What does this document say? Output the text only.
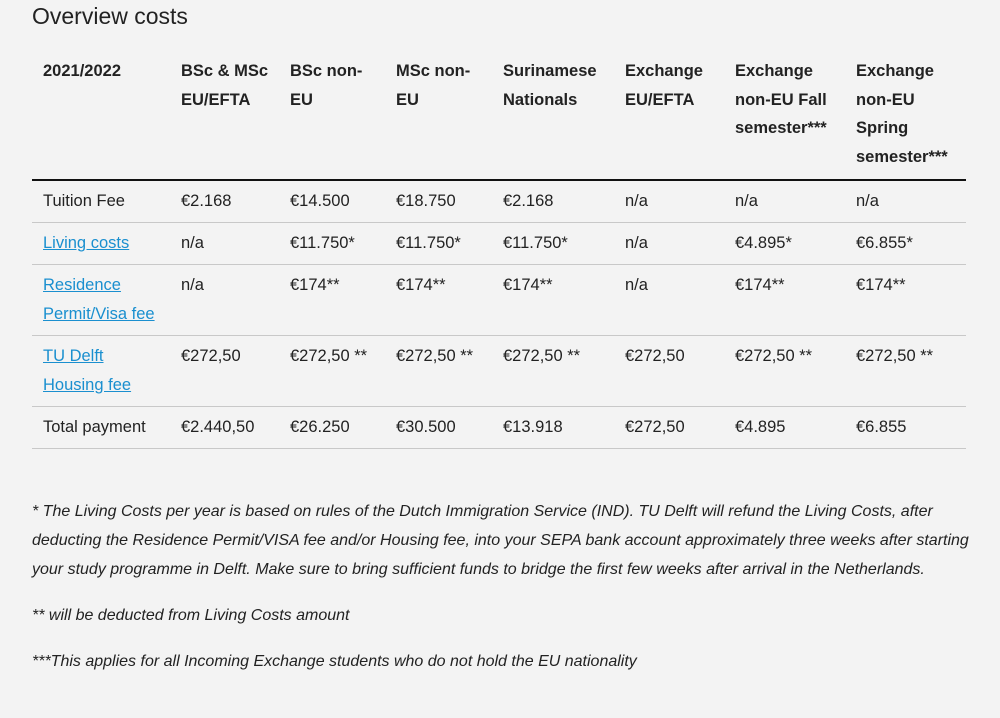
Overview costs
2021/2022	BSc & MSc EU/EFTA	BSc non-EU	MSc non-EU	Surinamese Nationals	Exchange EU/EFTA	Exchange non-EU Fall semester***	Exchange non-EU Spring semester***
Tuition Fee	€2.168	€14.500	€18.750	€2.168	n/a	n/a	n/a
Living costs	n/a	€11.750*	€11.750*	€11.750*	n/a	€4.895*	€6.855*
Residence Permit/Visa fee	n/a	€174**	€174**	€174**	n/a	€174**	€174**
TU Delft Housing fee	€272,50	€272,50 **	€272,50 **	€272,50 **	€272,50	€272,50 **	€272,50 **
Total payment	€2.440,50	€26.250	€30.500	€13.918	€272,50	€4.895	€6.855

* The Living Costs per year is based on rules of the Dutch Immigration Service (IND). TU Delft will refund the Living Costs, after deducting the Residence Permit/VISA fee and/or Housing fee, into your SEPA bank account approximately three weeks after starting your study programme in Delft. Make sure to bring sufficient funds to bridge the first few weeks after arrival in the Netherlands.

** will be deducted from Living Costs amount

***This applies for all Incoming Exchange students who do not hold the EU nationality
